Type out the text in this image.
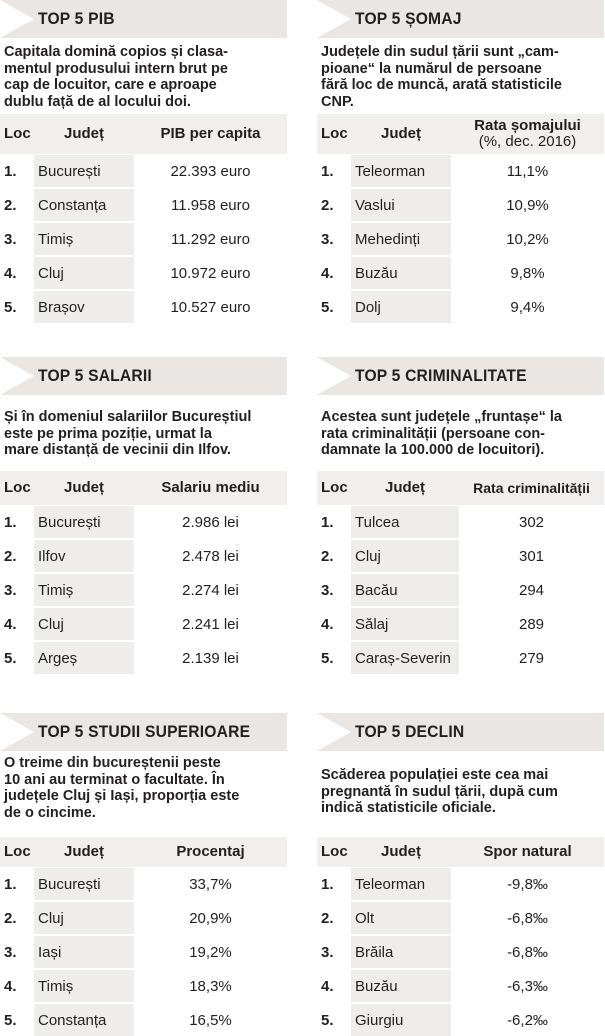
TOP 5 PIB
Capitala domină copios și clasa-
mentul produsului intern brut pe
cap de locuitor, care e aproape
dublu față de al locului doi.
Loc	Județ	PIB per capita
1.	București	22.393 euro
2.	Constanța	11.958 euro
3.	Timiș	11.292 euro
4.	Cluj	10.972 euro
5.	Brașov	10.527 euro
TOP 5 ȘOMAJ
Județele din sudul țării sunt „cam-
pioane“ la numărul de persoane
fără loc de muncă, arată statisticile
CNP.
Loc	Județ	Rata șomajului
(%, dec. 2016)

1.	Teleorman	11,1%
2.	Vaslui	10,9%
3.	Mehedinți	10,2%
4.	Buzău	9,8%
5.	Dolj	9,4%
TOP 5 SALARII
Și în domeniul salariilor Bucureștiul
este pe prima poziție, urmat la
mare distanță de vecinii din Ilfov.
Loc	Județ	Salariu mediu
1.	București	2.986 lei
2.	Ilfov	2.478 lei
3.	Timiș	2.274 lei
4.	Cluj	2.241 lei
5.	Argeș	2.139 lei
TOP 5 CRIMINALITATE
Acestea sunt județele „fruntașe“ la
rata criminalității (persoane con-
damnate la 100.000 de locuitori).
Loc	Județ	Rata criminalității
1.	Tulcea	302
2.	Cluj	301
3.	Bacău	294
4.	Sălaj	289
5.	Caraș-Severin	279
TOP 5 STUDII SUPERIOARE
O treime din bucureștenii peste
10 ani au terminat o facultate. În
județele Cluj și Iași, proporția este
de o cincime.
Loc	Județ	Procentaj
1.	București	33,7%
2.	Cluj	20,9%
3.	Iași	19,2%
4.	Timiș	18,3%
5.	Constanța	16,5%
TOP 5 DECLIN
Scăderea populației este cea mai
pregnantă în sudul țării, după cum
indică statisticile oficiale.
Loc	Județ	Spor natural
1.	Teleorman	-9,8‰
2.	Olt	-6,8‰
3.	Brăila	-6,8‰
4.	Buzău	-6,3‰
5.	Giurgiu	-6,2‰
